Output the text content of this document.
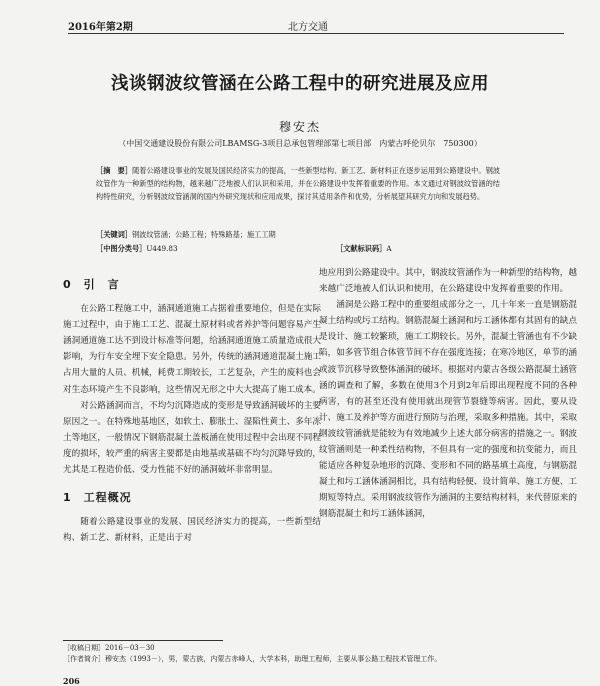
2016年第2期	北方交通
浅谈钢波纹管涵在公路工程中的研究进展及应用
穆安杰
（中国交通建设股份有限公司LBAMSG-3项目总承包管理部第七项目部　内蒙古呼伦贝尔　750300）
［摘　要］随着公路建设事业的发展及国民经济实力的提高，一些新型结构、新工艺、新材料正在逐步运用到公路建设中。钢波纹管作为一种新型的结构物，越来越广泛地被人们认识和采用，并在公路建设中发挥着重要的作用。本文通过对钢波纹管涵的结构特性研究，分析钢波纹管涵洞的国内外研究现状和应用成果，探讨其适用条件和优势，分析展望其研究方向和发展趋势。
［关键词］钢波纹管涵；公路工程；特殊路基；施工工期
［中图分类号］U449.83	［文献标识码］A
0　引　言

在公路工程施工中，涵洞通道施工占据着重要地位，但是在实际施工过程中，由于施工工艺、混凝土原材料或者养护等问题容易产生涵洞通道施工达不到设计标准等问题，给涵洞通道施工质量造成很大影响，为行车安全埋下安全隐患。另外，传统的涵洞通道混凝土施工占用大量的人员、机械，耗费工期较长，工艺复杂，产生的废料也会对生态环境产生不良影响，这些情况无形之中大大提高了施工成本。

对公路涵洞而言，不均匀沉降造成的变形是导致涵洞破坏的主要原因之一。在特殊地基地区，如软土、膨胀土、湿陷性黄土、多年冻土等地区，一般情况下钢筋混凝土盖板涵在使用过程中会出现不同程度的损坏，较严重的病害主要都是由地基或基础不均匀沉降导致的，尤其是工程造价低、受力性能不好的涵洞破坏非常明显。

1　工程概况

随着公路建设事业的发展、国民经济实力的提高，一些新型结构、新工艺、新材料，正是出于对

地应用到公路建设中。其中，钢波纹管涵作为一种新型的结构物，越来越广泛地被人们认识和使用，在公路建设中发挥着重要的作用。

涵洞是公路工程中的重要组成部分之一，几十年来一直是钢筋混凝土结构或圬工结构。钢筋混凝土涵洞和圬工涵体都有其固有的缺点是设计、施工较繁琐，施工工期较长。另外，混凝土管涵也有不少缺陷，如多管节组合体管节间不存在强度连接；在寒冷地区，单节的涵或波节沉移导致整体涵洞的破坏。根据对内蒙古各级公路混凝土涵管涵的调查和了解，多数在使用3个月到2年后即出现程度不同的各种病害，有的甚至还没有使用就出现管节裂缝等病害。因此，要从设计、施工及养护等方面进行预防与治理，采取多种措施。其中，采取钢波纹管涵就是能较为有效地减少上述大部分病害的措施之一。钢波纹管涵则是一种柔性结构物，不但具有一定的强度和抗变能力，而且能适应各种复杂地形的沉降、变形和不同的路基填土高度，与钢筋混凝土和圬工涵体涵洞相比，具有结构轻便、设计简单、施工方便、工期短等特点。采用钢波纹管作为涵洞的主要结构材料，来代替原来的钢筋混凝土和圬工涵体涵洞，

［收稿日期］2016－03－30
［作者简介］穆安杰（1993－），男，蒙古族，内蒙古赤峰人，大学本科，助理工程师，主要从事公路工程技术管理工作。
206
